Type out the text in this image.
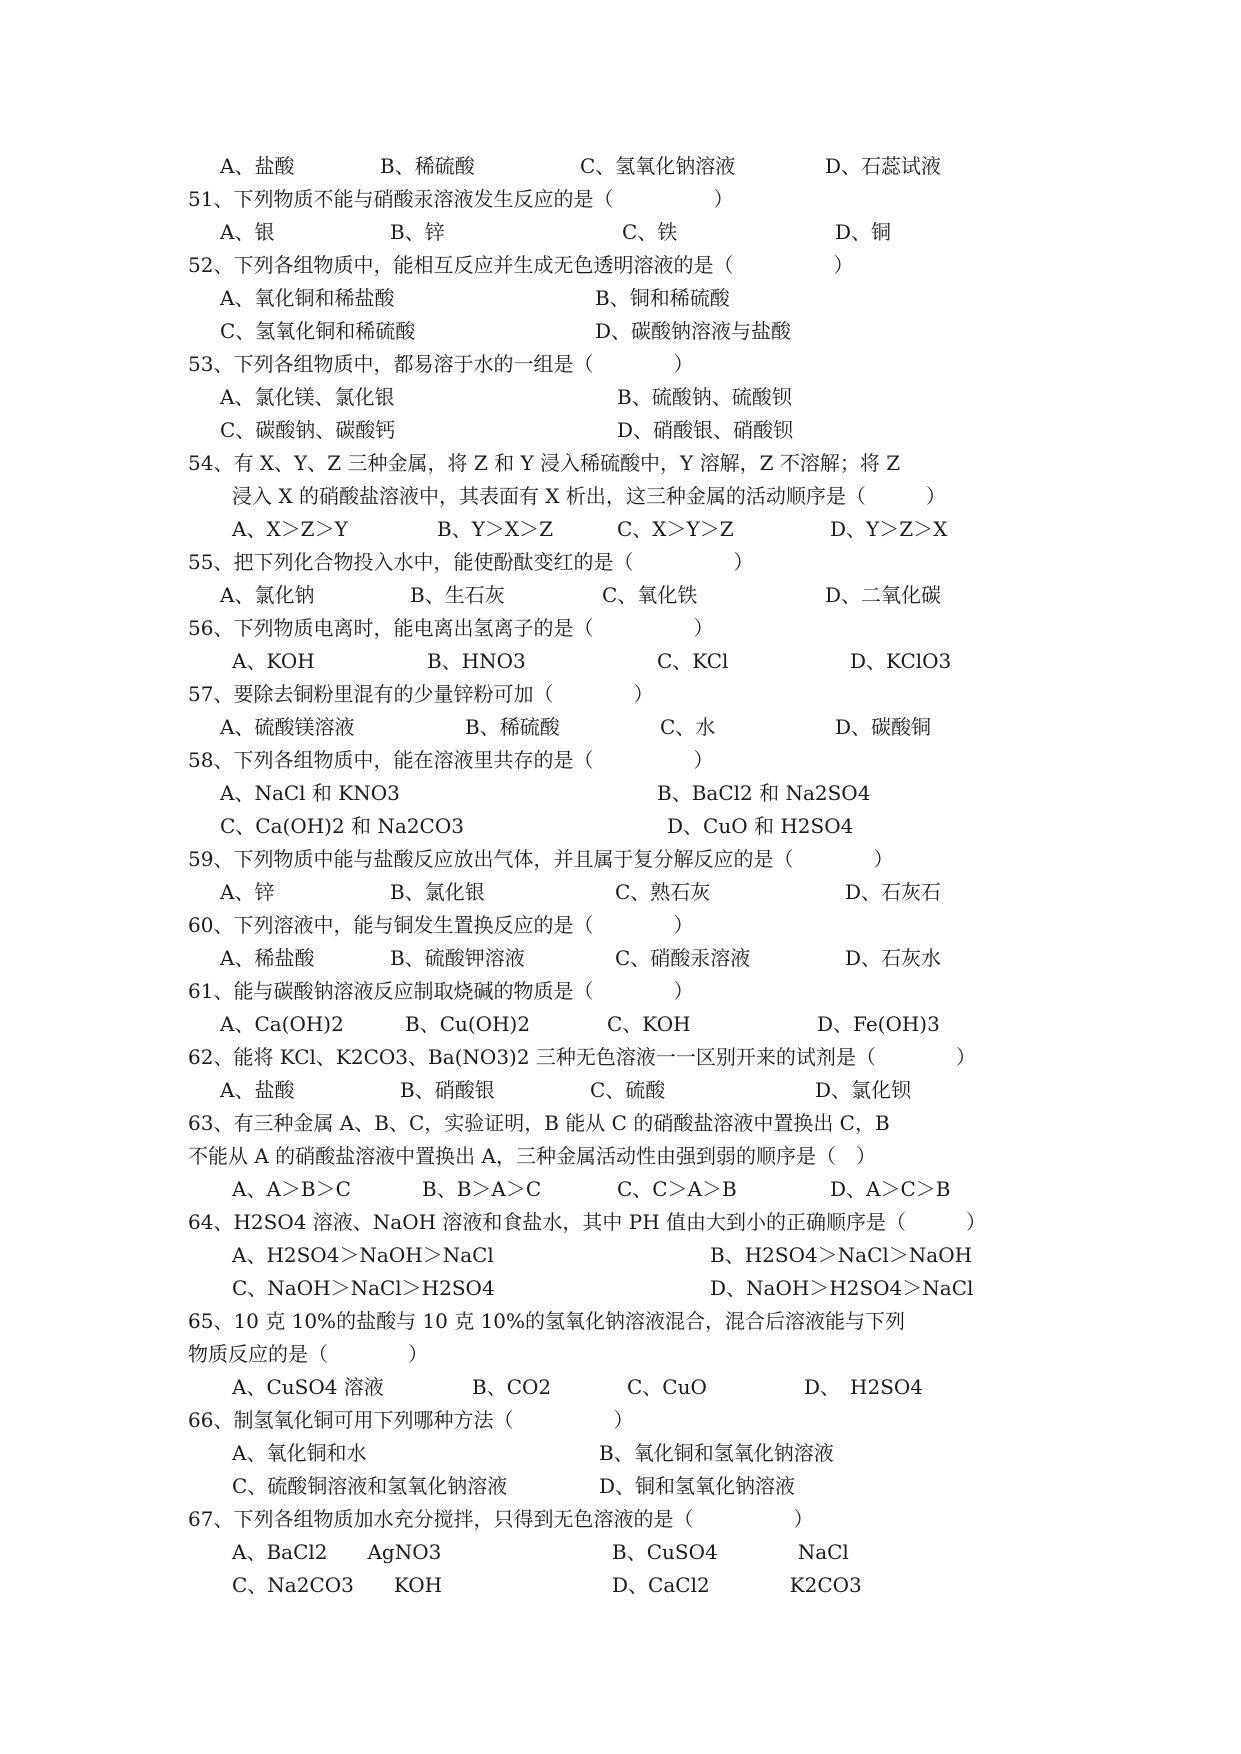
A、盐酸	B、稀硫酸	C、氢氧化钠溶液	D、石蕊试液
51、下列物质不能与硝酸汞溶液发生反应的是（　　　　　）
A、银	B、锌	C、铁	D、铜
52、下列各组物质中，能相互反应并生成无色透明溶液的是（　　　　　）
A、氧化铜和稀盐酸	B、铜和稀硫酸
C、氢氧化铜和稀硫酸	D、碳酸钠溶液与盐酸
53、下列各组物质中，都易溶于水的一组是（　　　　）
A、氯化镁、氯化银	B、硫酸钠、硫酸钡
C、碳酸钠、碳酸钙	D、硝酸银、硝酸钡
54、有 X、Y、Z 三种金属，将 Z 和 Y 浸入稀硫酸中，Y 溶解，Z 不溶解；将 Z
浸入 X 的硝酸盐溶液中，其表面有 X 析出，这三种金属的活动顺序是（　　　）
A、X＞Z＞Y	B、Y＞X＞Z	C、X＞Y＞Z	D、Y＞Z＞X
55、把下列化合物投入水中，能使酚酞变红的是（　　　　　）
A、氯化钠	B、生石灰	C、氧化铁	D、二氧化碳
56、下列物质电离时，能电离出氢离子的是（　　　　　）
A、KOH	B、HNO3	C、KCl	D、KClO3
57、要除去铜粉里混有的少量锌粉可加（　　　　）
A、硫酸镁溶液	B、稀硫酸	C、水	D、碳酸铜
58、下列各组物质中，能在溶液里共存的是（　　　　　）
A、NaCl 和 KNO3	B、BaCl2 和 Na2SO4
C、Ca(OH)2 和 Na2CO3	D、CuO 和 H2SO4
59、下列物质中能与盐酸反应放出气体，并且属于复分解反应的是（　　　　）
A、锌	B、氯化银	C、熟石灰	D、石灰石
60、下列溶液中，能与铜发生置换反应的是（　　　　）
A、稀盐酸	B、硫酸钾溶液	C、硝酸汞溶液	D、石灰水
61、能与碳酸钠溶液反应制取烧碱的物质是（　　　　）
A、Ca(OH)2	B、Cu(OH)2	C、KOH	D、Fe(OH)3
62、能将 KCl、K2CO3、Ba(NO3)2 三种无色溶液一一区别开来的试剂是（　　　　）
A、盐酸	B、硝酸银	C、硫酸	D、氯化钡
63、有三种金属 A、B、C，实验证明，B 能从 C 的硝酸盐溶液中置换出 C，B
不能从 A 的硝酸盐溶液中置换出 A，三种金属活动性由强到弱的顺序是（　）
A、A＞B＞C	B、B＞A＞C	C、C＞A＞B	D、A＞C＞B
64、H2SO4 溶液、NaOH 溶液和食盐水，其中 PH 值由大到小的正确顺序是（　　　）
A、H2SO4＞NaOH＞NaCl	B、H2SO4＞NaCl＞NaOH
C、NaOH＞NaCl＞H2SO4	D、NaOH＞H2SO4＞NaCl
65、10 克 10%的盐酸与 10 克 10%的氢氧化钠溶液混合，混合后溶液能与下列
物质反应的是（　　　　）
A、CuSO4 溶液	B、CO2	C、CuO	D、　H2SO4
66、制氢氧化铜可用下列哪种方法（　　　　　）
A、氧化铜和水	B、氧化铜和氢氧化钠溶液
C、硫酸铜溶液和氢氧化钠溶液	D、铜和氢氧化钠溶液
67、下列各组物质加水充分搅拌，只得到无色溶液的是（　　　　　）
A、BaCl2　　AgNO3	B、CuSO4　　　　NaCl
C、Na2CO3　　KOH	D、CaCl2　　　　K2CO3
